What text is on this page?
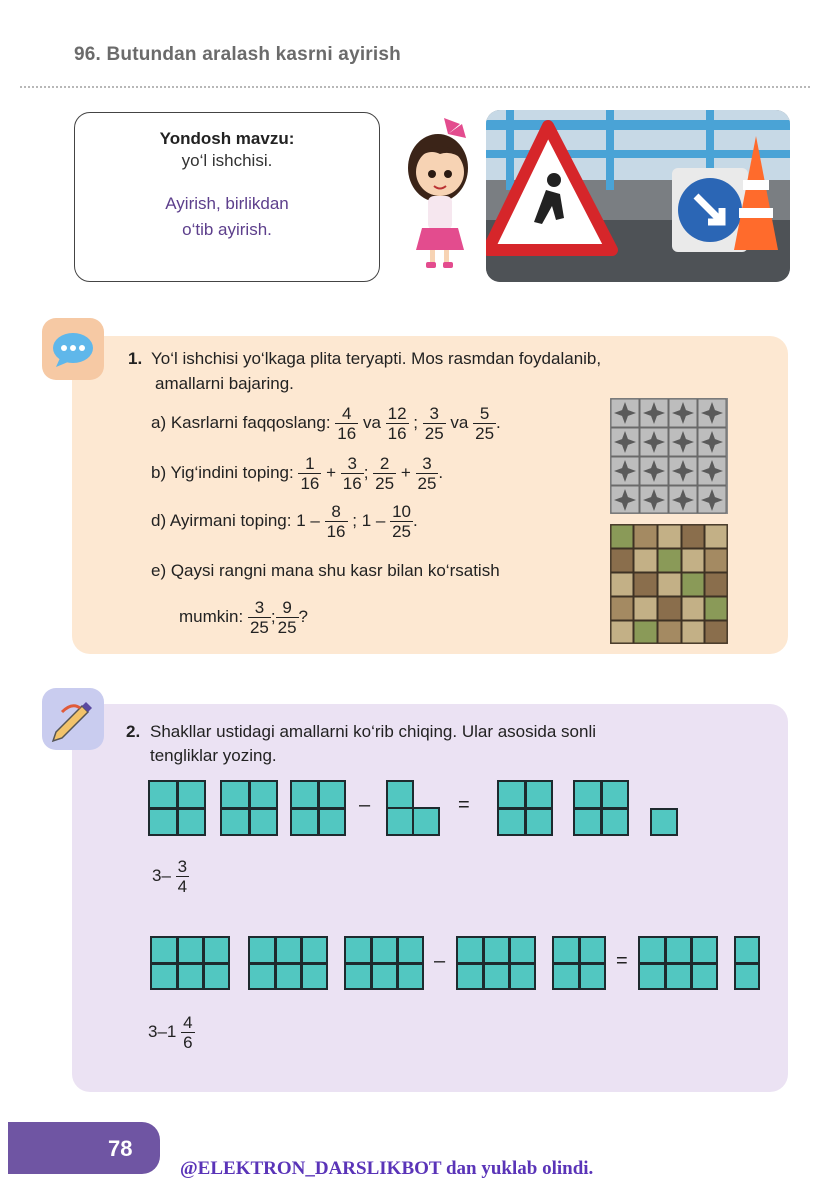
96. Butundan aralash kasrni ayirish
Yondosh mavzu:
yo‘l ishchisi.
Ayirish, birlikdan
o‘tib ayirish.
1. Yo‘l ishchisi yo‘lkaga plita teryapti. Mos rasmdan foydalanib,
amallarni bajaring.
a) Kasrlarni faqqoslang: $\frac{4}{16}$ va $\frac{12}{16}$ ; $\frac{3}{25}$ va $\frac{5}{25}$ .
b) Yig‘indini toping: $\frac{1}{16} + \frac{3}{16}$ ; $\frac{2}{25} + \frac{3}{25}$ .
d) Ayirmani toping: $1 - \frac{8}{16}$ ; $1 - \frac{10}{25}$ .
e) Qaysi rangni mana shu kasr bilan ko‘rsatish
mumkin: $\frac{3}{25}$ ; $\frac{9}{25}$ ?
2. Shakllar ustidagi amallarni ko‘rib chiqing. Ular asosida sonli
tengliklar yozing.
–	=
$3- \frac{3}{4}$
–	=
$3-1 \frac{4}{6}$
78
@ELEKTRON_DARSLIKBOT dan yuklab olindi.
